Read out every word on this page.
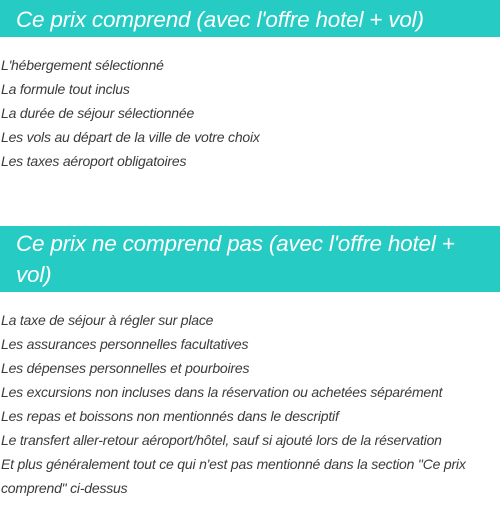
Ce prix comprend (avec l'offre hotel + vol)
L'hébergement sélectionné
La formule tout inclus
La durée de séjour sélectionnée
Les vols au départ de la ville de votre choix
Les taxes aéroport obligatoires
Ce prix ne comprend pas (avec l'offre hotel + vol)
La taxe de séjour à régler sur place
Les assurances personnelles facultatives
Les dépenses personnelles et pourboires
Les excursions non incluses dans la réservation ou achetées séparément
Les repas et boissons non mentionnés dans le descriptif
Le transfert aller-retour aéroport/hôtel, sauf si ajouté lors de la réservation
Et plus généralement tout ce qui n'est pas mentionné dans la section "Ce prix comprend" ci-dessus
